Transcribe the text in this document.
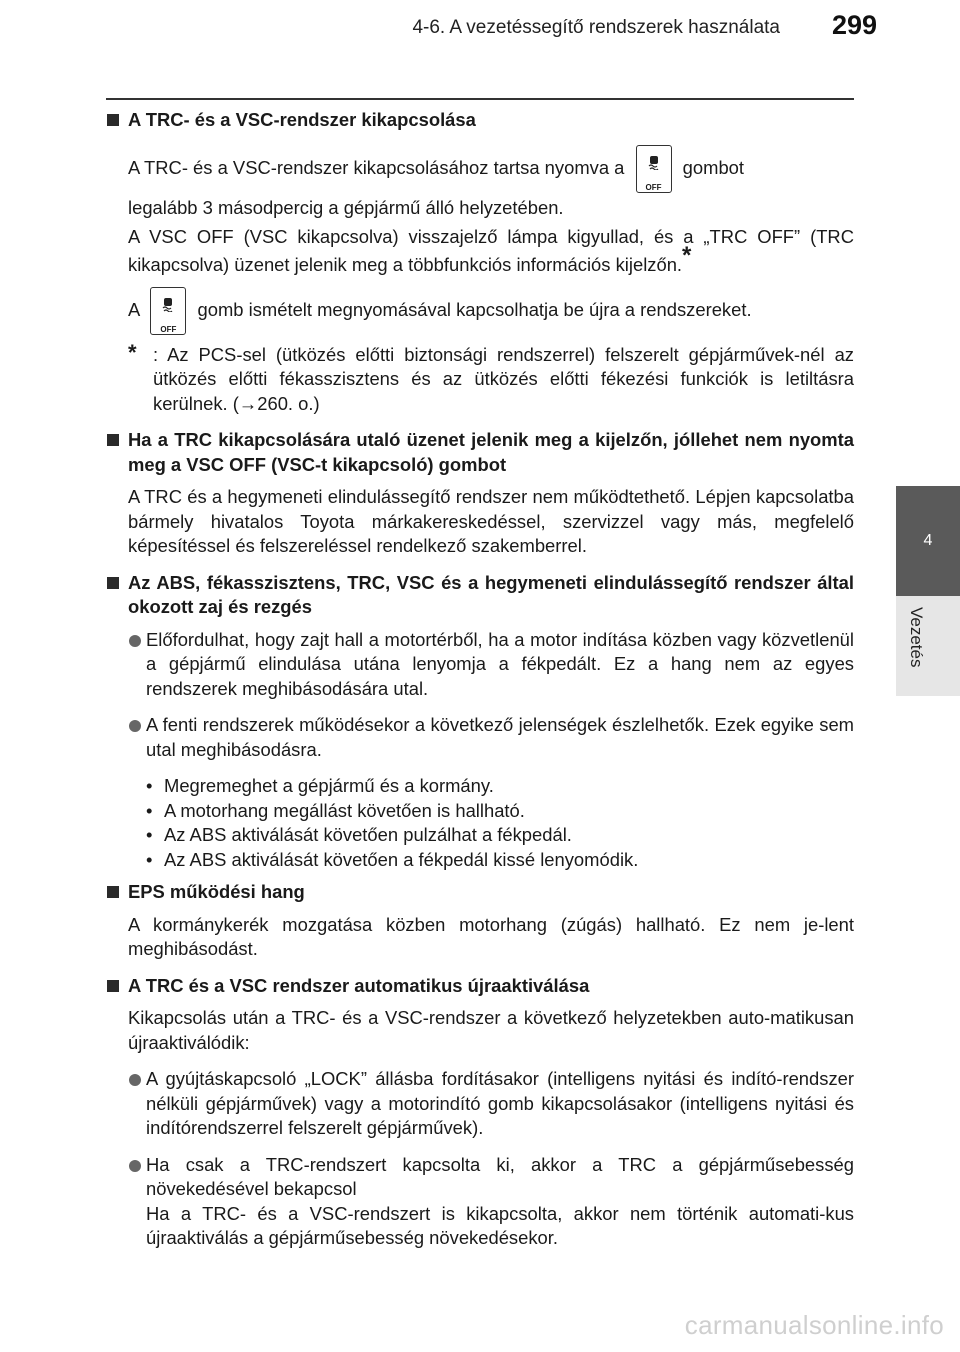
4-6. A vezetéssegítő rendszerek használata 299
4
Vezetés
A TRC- és a VSC-rendszer kikapcsolása

A TRC- és a VSC-rendszer kikapcsolásához tartsa nyomva a
OFF
gombot
legalább 3 másodpercig a gépjármű álló helyzetében.

A VSC OFF (VSC kikapcsolva) visszajelző lámpa kigyullad, és a „TRC OFF” (TRC kikapcsolva) üzenet jelenik meg a többfunkciós információs kijelzőn.*

A
OFF
gomb ismételt megnyomásával kapcsolhatja be újra a rendszereket.

* : Az PCS-sel (ütközés előtti biztonsági rendszerrel) felszerelt gépjárművek-nél az ütközés előtti fékasszisztens és az ütközés előtti fékezési funkciók is letiltásra kerülnek. (→260. o.)

Ha a TRC kikapcsolására utaló üzenet jelenik meg a kijelzőn, jóllehet nem nyomta meg a VSC OFF (VSC-t kikapcsoló) gombot

A TRC és a hegymeneti elindulássegítő rendszer nem működtethető. Lépjen kapcsolatba bármely hivatalos Toyota márkakereskedéssel, szervizzel vagy más, megfelelő képesítéssel és felszereléssel rendelkező szakemberrel.

Az ABS, fékasszisztens, TRC, VSC és a hegymeneti elindulássegítő rendszer által okozott zaj és rezgés

Előfordulhat, hogy zajt hall a motortérből, ha a motor indítása közben vagy közvetlenül a gépjármű elindulása utána lenyomja a fékpedált. Ez a hang nem az egyes rendszerek meghibásodására utal.

A fenti rendszerek működésekor a következő jelenségek észlelhetők. Ezek egyike sem utal meghibásodásra.

• Megremeghet a gépjármű és a kormány.

• A motorhang megállást követően is hallható.

• Az ABS aktiválását követően pulzálhat a fékpedál.

• Az ABS aktiválását követően a fékpedál kissé lenyomódik.

EPS működési hang

A kormánykerék mozgatása közben motorhang (zúgás) hallható. Ez nem je-lent meghibásodást.

A TRC és a VSC rendszer automatikus újraaktiválása

Kikapcsolás után a TRC- és a VSC-rendszer a következő helyzetekben auto-matikusan újraaktiválódik:

A gyújtáskapcsoló „LOCK” állásba fordításakor (intelligens nyitási és indító-rendszer nélküli gépjárművek) vagy a motorindító gomb kikapcsolásakor (intelligens nyitási és indítórendszerrel felszerelt gépjárművek).

Ha csak a TRC-rendszert kapcsolta ki, akkor a TRC a gépjárműsebesség növekedésével bekapcsol
Ha a TRC- és a VSC-rendszert is kikapcsolta, akkor nem történik automati-kus újraaktiválás a gépjárműsebesség növekedésekor.

carmanualsonline.info
